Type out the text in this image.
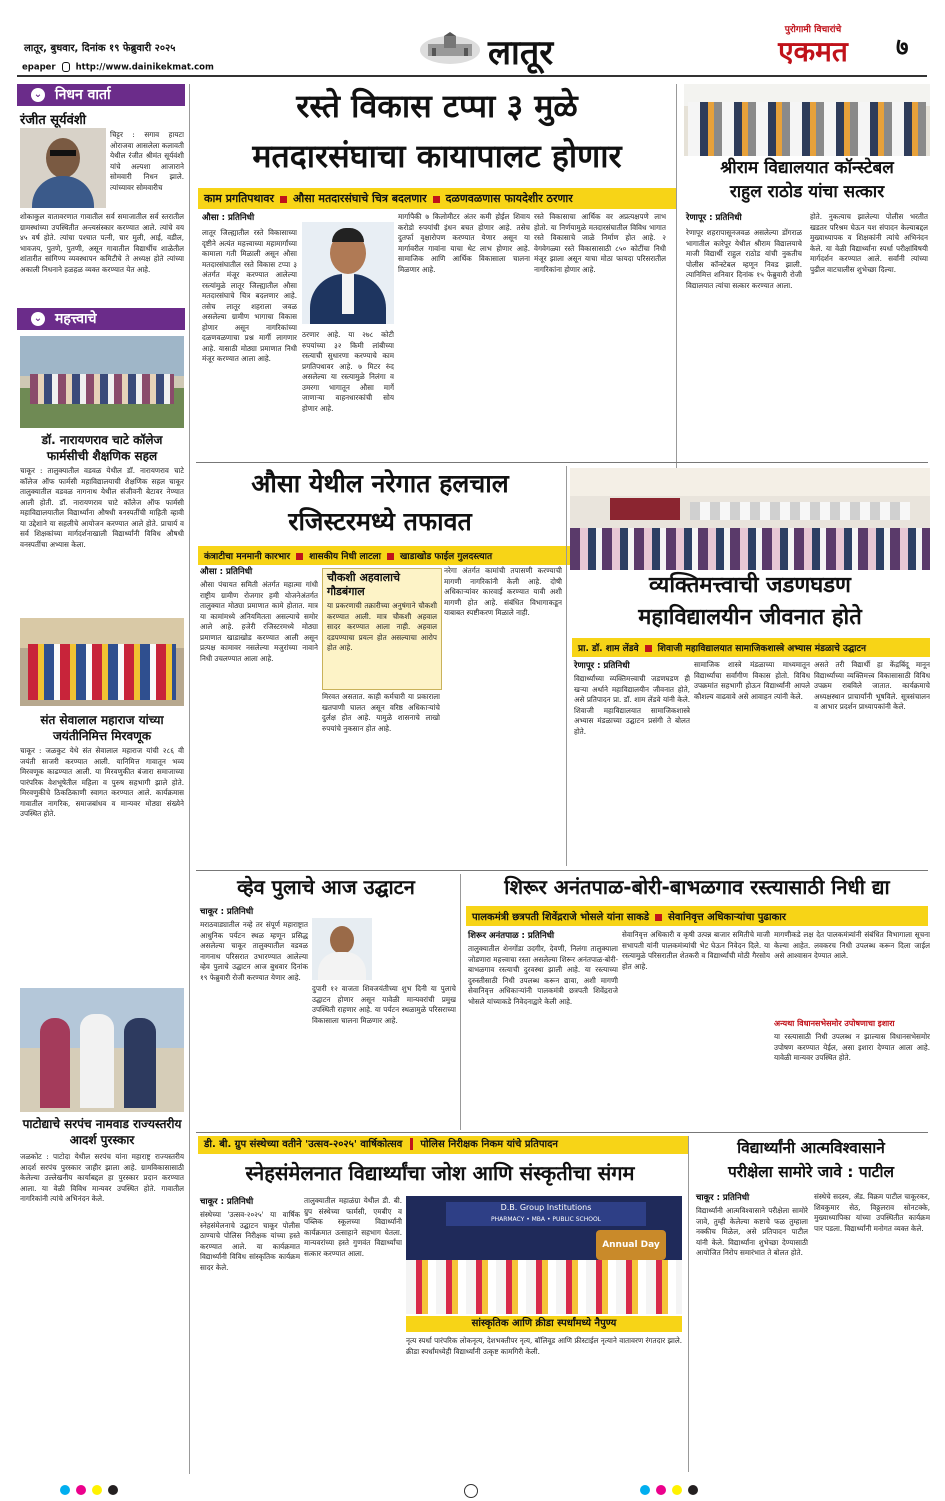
लातूर, बुधवार, दिनांक १९ फेब्रुवारी २०२५
epaper http://www.dainikekmat.com	लातूर
पुरोगामी विचारांचे
एकमत	७
⌄ निधन वार्ता
रंजीत सूर्यवंशी

चिट्टर : सगाव हायटा ओराजवा आसलेला कलावती येथील रंजीत श्रीमंत सूर्यवंशी यांचे अल्पशा आजाराने सोमवारी निधन झाले. त्यांच्यावर सोमवारीच

शोकाकुल वातावरणात गावातील सर्व समाजातील सर्व स्तरातील ग्रामस्थांच्या उपस्थितीत अन्त्यसंस्कार करण्यात आले. त्यांचे वय ४५ वर्ष होते. त्यांचा पश्चात पत्नी, चार मुली, आई, वडील, भावजय, पुतणे, पुतणी, असून गावातील विद्यार्थीच शाळेतील शांतारीत सांगिण्य व्यवस्थापन कमिटीचे ते अध्यक्ष होते त्यांच्या अकाली निधनाने हळहळ व्यक्त करण्यात येत आहे.

⌄ महत्त्वाचे

डॉ. नारायणराव चाटे कॉलेज फार्मसीची शैक्षणिक सहल

चाकूर : तालुक्यातील वडवळ येथील डॉ. नारायणराव चाटे कॉलेज ऑफ फार्मसी महाविद्यालयाची शैक्षणिक सहल चाकूर तालुक्यातील वडवळ नागनाथ येथील संजीवनी बेटावर नेण्यात आली होती. डॉ. नारायणराव चाटे कॉलेज ऑफ फार्मसी महाविद्यालयातील विद्यार्थ्यांना औषधी वनस्पतींची माहिती व्हावी या उद्देशाने या सहलीचे आयोजन करण्यात आले होते. प्राचार्य व सर्व शिक्षकांच्या मार्गदर्शनाखाली विद्यार्थ्यांनी विविध औषधी वनस्पतींचा अभ्यास केला.

संत सेवालाल महाराज यांच्या जयंतीनिमित्त मिरवणूक

चाकूर : जळकुट येथे संत सेवालाल महाराज यांची २८६ वी जयंती साजरी करण्यात आली. यानिमित्त गावातून भव्य मिरवणूक काढण्यात आली. या मिरवणुकीत बंजारा समाजाच्या पारंपरिक वेशभूषेतील महिला व पुरुष सहभागी झाले होते. मिरवणुकीचे ठिकठिकाणी स्वागत करण्यात आले. कार्यक्रमास गावातील नागरिक, समाजबांधव व मान्यवर मोठ्या संख्येने उपस्थित होते.

पाटोद्याचे सरपंच नामवाड राज्यस्तरीय आदर्श पुरस्कार

जळकोट : पाटोदा येथील सरपंच यांना महाराष्ट्र राज्यस्तरीय आदर्श सरपंच पुरस्कार जाहीर झाला आहे. ग्रामविकासासाठी केलेल्या उल्लेखनीय कार्याबद्दल हा पुरस्कार प्रदान करण्यात आला. या वेळी विविध मान्यवर उपस्थित होते. गावातील नागरिकांनी त्यांचे अभिनंदन केले.

रस्ते विकास टप्पा ३ मुळे
मतदारसंघाचा कायापालट होणार
काम प्रगतिपथावर औसा मतदारसंघाचे चित्र बदलणार दळणवळणास फायदेशीर ठरणार

औसा : प्रतिनिधी

लातूर जिल्ह्यातील रस्ते विकासाच्या दृष्टीने अत्यंत महत्त्वाच्या महामार्गांच्या कामाला गती मिळाली असून औसा मतदारसंघातील रस्ते विकास टप्पा ३ अंतर्गत मंजूर करण्यात आलेल्या रस्त्यांमुळे लातूर जिल्ह्यातील औसा मतदारसंघाचे चित्र बदलणार आहे. तसेच लातूर शहराला जवळ असलेल्या ग्रामीण भागाचा विकास होणार असून नागरिकांच्या दळणवळणाचा प्रश्न मार्गी लागणार आहे. यासाठी मोठ्या प्रमाणात निधी मंजूर करण्यात आला आहे.

ठरणार आहे. या २७८ कोटी रुपयांच्या ३२ किमी लांबीच्या रस्त्याची सुधारणा करण्याचे काम प्रगतिपथावर आहे. ७ मिटर रुंद असलेल्या या रस्त्यामुळे निलंगा व उमरगा भागातून औसा मार्गे जाणाऱ्या वाहनधारकांची सोय होणार आहे.

मार्गापैकी ७ किलोमीटर अंतर कमी होईल शिवाय करोडो रुपयांची इंधन बचत होणार आहे. तसेच दुतर्फा वृक्षारोपण करण्यात येणार असून या मार्गावरील गावांना याचा थेट लाभ होणार आहे. सामाजिक आणि आर्थिक विकासाला चालना मिळणार आहे.

रस्ते विकासाचा आर्थिक वर अप्रत्यक्षपणे लाभ होतो. या निर्णयामुळे मतदारसंघातील विविध भागात रस्ते विकासाचे जाळे निर्माण होत आहे. २ वेगवेगळ्या रस्ते विकासासाठी ८५० कोटींचा निधी मंजूर झाला असून याचा मोठा फायदा परिसरातील नागरिकांना होणार आहे.

श्रीराम विद्यालयात कॉन्स्टेबल
राहुल राठोड यांचा सत्कार

रेणापूर : प्रतिनिधी

रेणापूर शहरापासूनजवळ असलेल्या डोंगराळ भागातील कारेपूर येथील श्रीराम विद्यालयाचे माजी विद्यार्थी राहुल राठोड यांची नुकतीच पोलीस कॉन्स्टेबल म्हणून निवड झाली. त्यानिमित्त शनिवार दिनांक १५ फेब्रुवारी रोजी विद्यालयात त्यांचा सत्कार करण्यात आला.

होते. नुकत्याच झालेल्या पोलीस भरतीत खडतर परिश्रम घेऊन यश संपादन केल्याबद्दल मुख्याध्यापक व शिक्षकांनी त्यांचे अभिनंदन केले. या वेळी विद्यार्थ्यांना स्पर्धा परीक्षांविषयी मार्गदर्शन करण्यात आले. सर्वांनी त्यांच्या पुढील वाटचालीस शुभेच्छा दिल्या.

औसा येथील नरेगात हलचाल
रजिस्टरमध्ये तफावत
कंत्राटीचा मनमानी कारभार शासकीय निधी लाटला खाडाखोड फाईल गुलदस्त्यात

औसा : प्रतिनिधी

औसा पंचायत समिती अंतर्गत महात्मा गांधी राष्ट्रीय ग्रामीण रोजगार हमी योजनेअंतर्गत तालुक्यात मोठ्या प्रमाणात कामे होतात. मात्र या कामांमध्ये अनियमितता असल्याचे समोर आले आहे. हजेरी रजिस्टरमध्ये मोठ्या प्रमाणात खाडाखोड करण्यात आली असून प्रत्यक्ष कामावर नसलेल्या मजुरांच्या नावाने निधी उचलण्यात आला आहे.

चौकशी अहवालाचे गौडबंगाल

या प्रकरणाची तक्रारीच्या अनुषंगाने चौकशी करण्यात आली. मात्र चौकशी अहवाल सादर करण्यात आला नाही. अहवाल दडपण्याचा प्रयत्न होत असल्याचा आरोप होत आहे.

मिरवत असतात. काही कर्मचारी या प्रकाराला खतपाणी घालत असून वरिष्ठ अधिकाऱ्यांचे दुर्लक्ष होत आहे. यामुळे शासनाचे लाखो रुपयांचे नुकसान होत आहे.

नरेगा अंतर्गत कामांची तपासणी करण्याची मागणी नागरिकांनी केली आहे. दोषी अधिकाऱ्यांवर कारवाई करण्यात यावी अशी मागणी होत आहे. संबंधित विभागाकडून याबाबत स्पष्टीकरण मिळाले नाही.

व्यक्तिमत्त्वाची जडणघडण
महाविद्यालयीन जीवनात होते
प्रा. डॉ. शाम लेंडवे शिवाजी महाविद्यालयात सामाजिकशास्त्रे अभ्यास मंडळाचे उद्घाटन

रेणापूर : प्रतिनिधी

विद्यार्थ्यांच्या व्यक्तिमत्त्वाची जडणघडण ही खऱ्या अर्थाने महाविद्यालयीन जीवनात होते, असे प्रतिपादन प्रा. डॉ. शाम लेंडवे यांनी केले. शिवाजी महाविद्यालयात सामाजिकशास्त्रे अभ्यास मंडळाच्या उद्घाटन प्रसंगी ते बोलत होते.

सामाजिक शास्त्रे मंडळाच्या माध्यमातून विद्यार्थ्यांचा सर्वांगीण विकास होतो. विविध उपक्रमांत सहभागी होऊन विद्यार्थ्यांनी आपले कौशल्य वाढवावे असे आवाहन त्यांनी केले.

असते तरी विद्यार्थी हा केंद्रबिंदू मानून विद्यार्थ्यांच्या व्यक्तिमत्त्व विकासासाठी विविध उपक्रम राबविले जातात. कार्यक्रमाचे अध्यक्षस्थान प्राचार्यांनी भूषविले. सूत्रसंचालन व आभार प्रदर्शन प्राध्यापकांनी केले.

व्हेव पुलाचे आज उद्घाटन

चाकूर : प्रतिनिधी

मराठवाड्यातील नव्हे तर संपूर्ण महाराष्ट्रात आधुनिक पर्यटन स्थळ म्हणून प्रसिद्ध असलेल्या चाकूर तालुक्यातील वडवळ नागनाथ परिसरात उभारण्यात आलेल्या व्हेव पुलाचे उद्घाटन आज बुधवार दिनांक १९ फेब्रुवारी रोजी करण्यात येणार आहे.

दुपारी १२ वाजता शिवजयंतीच्या शुभ दिनी या पुलाचे उद्घाटन होणार असून यावेळी मान्यवरांची प्रमुख उपस्थिती राहणार आहे. या पर्यटन स्थळामुळे परिसराच्या विकासाला चालना मिळणार आहे.

शिरूर अनंतपाळ-बोरी-बाभळगाव रस्त्यासाठी निधी द्या
पालकमंत्री छत्रपती शिवेंद्रराजे भोसले यांना साकडे सेवानिवृत्त अधिकाऱ्यांचा पुढाकार

शिरूर अनंतपाळ : प्रतिनिधी

तालुक्यातील शेनगोंडा उदगीर, देवणी, निलंगा तालुक्याला जोडणारा महत्त्वाचा रस्ता असलेल्या शिरूर अनंतपाळ-बोरी-बाभळगाव रस्त्याची दुरवस्था झाली आहे. या रस्त्याच्या दुरुस्तीसाठी निधी उपलब्ध करून द्यावा, अशी मागणी सेवानिवृत्त अधिकाऱ्यांनी पालकमंत्री छत्रपती शिवेंद्रराजे भोसले यांच्याकडे निवेदनाद्वारे केली आहे.

सेवानिवृत्त अधिकारी व कृषी उत्पन्न बाजार समितीचे माजी सभापती यांनी पालकमंत्र्यांची भेट घेऊन निवेदन दिले. या रस्त्यामुळे परिसरातील शेतकरी व विद्यार्थ्यांची मोठी गैरसोय होत आहे.

मागणीकडे लक्ष देत पालकमंत्र्यांनी संबंधित विभागाला सूचना केल्या आहेत. लवकरच निधी उपलब्ध करून दिला जाईल असे आश्वासन देण्यात आले.

अन्यथा विधानसभेसमोर उपोषणाचा इशारा

या रस्त्यासाठी निधी उपलब्ध न झाल्यास विधानसभेसमोर उपोषण करण्यात येईल, असा इशारा देण्यात आला आहे. यावेळी मान्यवर उपस्थित होते.

डी. बी. ग्रुप संस्थेच्या वतीने 'उत्सव-२०२५' वार्षिकोत्सव पोलिस निरीक्षक निकम यांचे प्रतिपादन
स्नेहसंमेलनात विद्यार्थ्यांचा जोश आणि संस्कृतीचा संगम

चाकूर : प्रतिनिधी

संस्थेच्या 'उत्सव-२०२५' या वार्षिक स्नेहसंमेलनाचे उद्घाटन चाकूर पोलीस ठाण्याचे पोलिस निरीक्षक यांच्या हस्ते करण्यात आले. या कार्यक्रमात विद्यार्थ्यांनी विविध सांस्कृतिक कार्यक्रम सादर केले.

तालुक्यातील महाळंग्रा येथील डी. बी. ग्रुप संस्थेच्या फार्मसी, एमबीए व पब्लिक स्कूलच्या विद्यार्थ्यांनी कार्यक्रमात उत्साहाने सहभाग घेतला. मान्यवरांच्या हस्ते गुणवंत विद्यार्थ्यांचा सत्कार करण्यात आला.

D.B. Group Institutions
PHARMACY • MBA • PUBLIC SCHOOL
Annual Day

सांस्कृतिक आणि क्रीडा स्पर्धांमध्ये नैपुण्य

नृत्य स्पर्धा पारंपरिक लोकनृत्य, देशभक्तीपर नृत्य, बॉलिवूड आणि फ्रीस्टाईल नृत्याने वातावरण रंगतदार झाले. क्रीडा स्पर्धांमध्येही विद्यार्थ्यांनी उत्कृष्ट कामगिरी केली.

विद्यार्थ्यांनी आत्मविश्वासाने
परीक्षेला सामोरे जावे : पाटील

चाकूर : प्रतिनिधी

विद्यार्थ्यांनी आत्मविश्वासाने परीक्षेला सामोरे जावे, तुम्ही केलेल्या कष्टाचे फळ तुम्हाला नक्कीच मिळेल, असे प्रतिपादन पाटील यांनी केले. विद्यार्थ्यांना शुभेच्छा देण्यासाठी आयोजित निरोप समारंभात ते बोलत होते.

संस्थेचे सदस्य, ॲड. विक्रम पाटील चाकूरकर, शिवकुमार सेठ, विठ्ठलराव सोनटक्के, मुख्याध्यापिका यांच्या उपस्थितीत कार्यक्रम पार पडला. विद्यार्थ्यांनी मनोगत व्यक्त केले.
